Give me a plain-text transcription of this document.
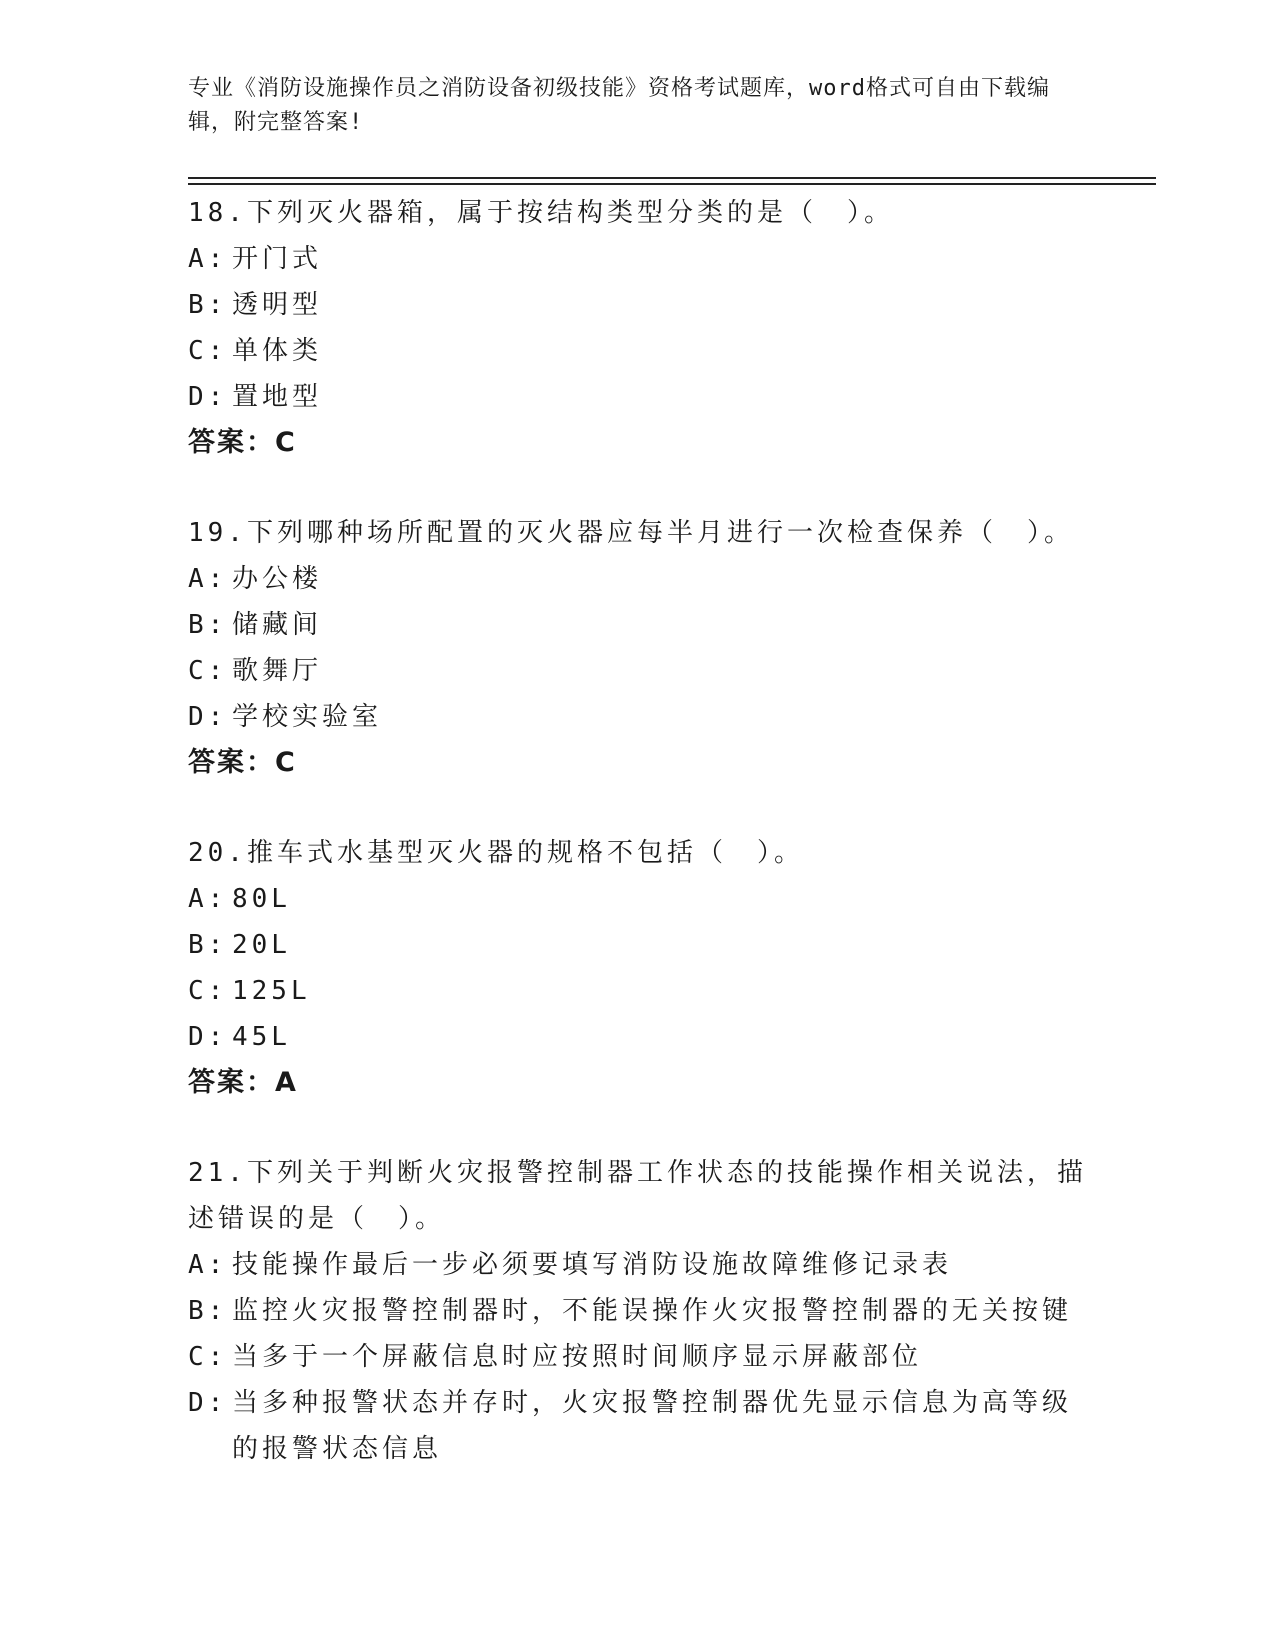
专业《消防设施操作员之消防设备初级技能》资格考试题库，word格式可自由下载编辑，附完整答案!

18.下列灭火器箱，属于按结构类型分类的是（　）。

A: 开门式
B: 透明型
C: 单体类
D: 置地型

答案：C

19.下列哪种场所配置的灭火器应每半月进行一次检查保养（　）。

A: 办公楼
B: 储藏间
C: 歌舞厅
D: 学校实验室

答案：C

20.推车式水基型灭火器的规格不包括（　）。

A: 80L
B: 20L
C: 125L
D: 45L

答案：A

21.下列关于判断火灾报警控制器工作状态的技能操作相关说法，描述错误的是（　）。

A: 技能操作最后一步必须要填写消防设施故障维修记录表
B: 监控火灾报警控制器时，不能误操作火灾报警控制器的无关按键
C: 当多于一个屏蔽信息时应按照时间顺序显示屏蔽部位
D: 当多种报警状态并存时，火灾报警控制器优先显示信息为高等级的报警状态信息
